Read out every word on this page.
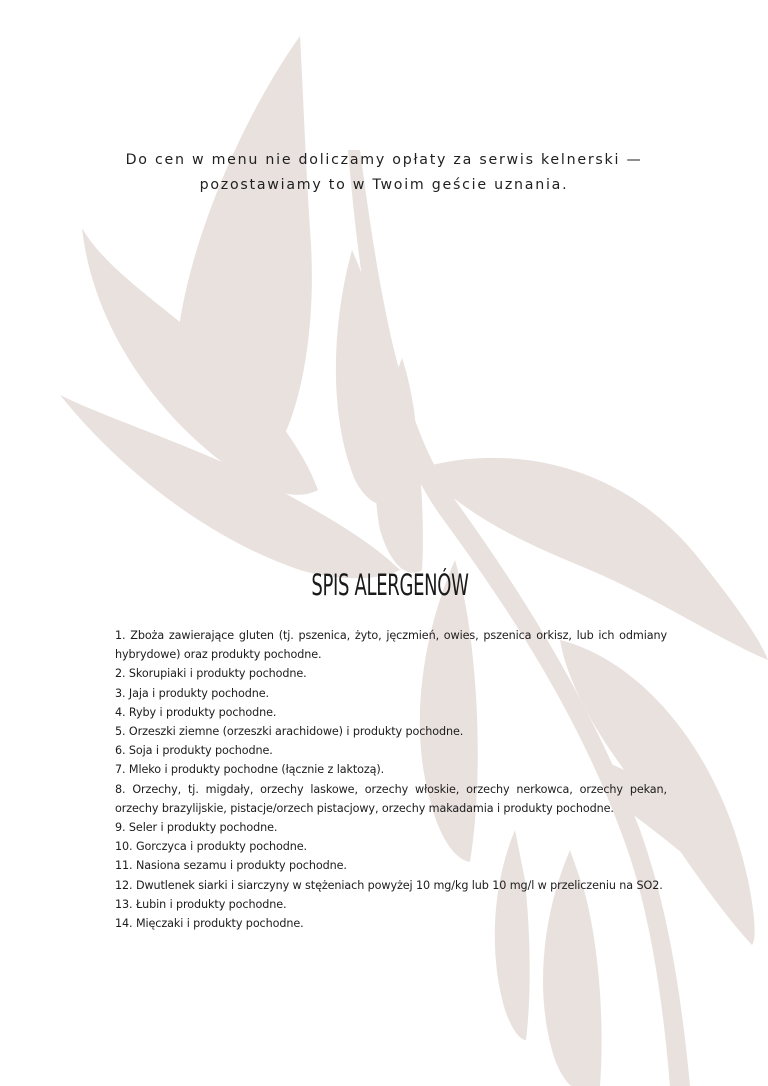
Do cen w menu nie doliczamy opłaty za serwis kelnerski —
pozostawiamy to w Twoim geście uznania.
SPIS ALERGENÓW
1. Zboża zawierające gluten (tj. pszenica, żyto, jęczmień, owies, pszenica orkisz, lub ich odmiany hybrydowe) oraz produkty pochodne.
2. Skorupiaki i produkty pochodne.
3. Jaja i produkty pochodne.
4. Ryby i produkty pochodne.
5. Orzeszki ziemne (orzeszki arachidowe) i produkty pochodne.
6. Soja i produkty pochodne.
7. Mleko i produkty pochodne (łącznie z laktozą).
8. Orzechy, tj. migdały, orzechy laskowe, orzechy włoskie, orzechy nerkowca, orzechy pekan, orzechy brazylijskie, pistacje/orzech pistacjowy, orzechy makadamia i produkty pochodne.
9. Seler i produkty pochodne.
10. Gorczyca i produkty pochodne.
11. Nasiona sezamu i produkty pochodne.
12. Dwutlenek siarki i siarczyny w stężeniach powyżej 10 mg/kg lub 10 mg/l w przeliczeniu na SO2.
13. Łubin i produkty pochodne.
14. Mięczaki i produkty pochodne.
